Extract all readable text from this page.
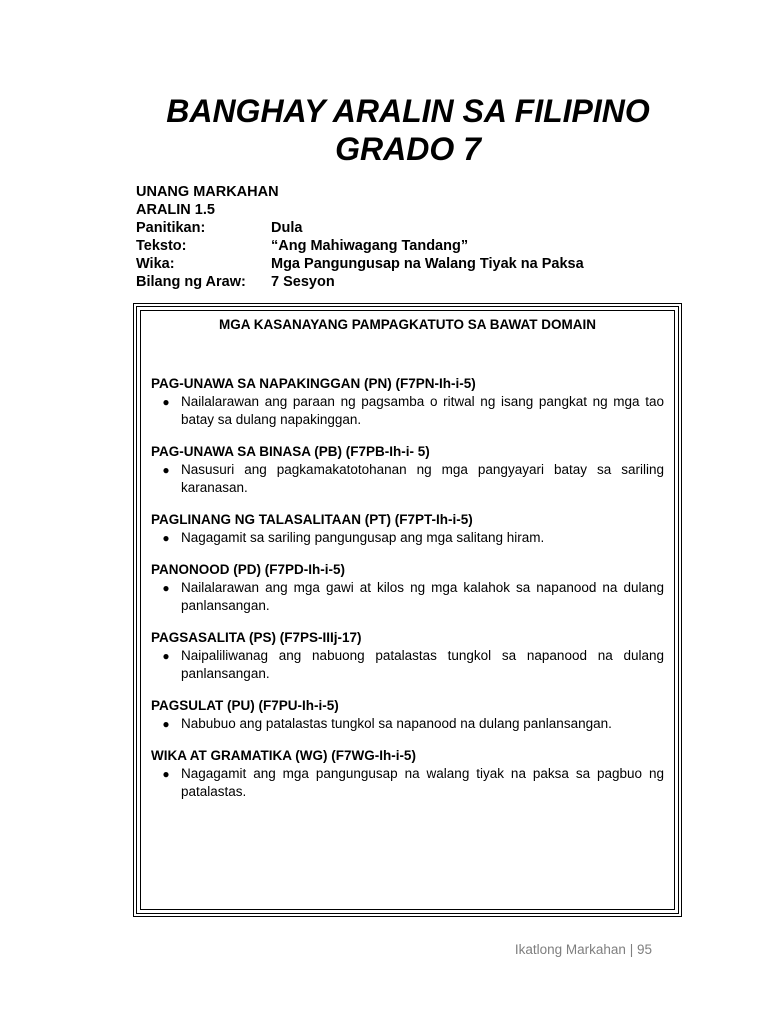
BANGHAY ARALIN SA FILIPINO
GRADO 7
UNANG MARKAHAN
ARALIN 1.5
Panitikan:	Dula
Teksto:	“Ang Mahiwagang Tandang”
Wika:	Mga Pangungusap na Walang Tiyak na Paksa
Bilang ng Araw:	7 Sesyon
MGA KASANAYANG PAMPAGKATUTO SA BAWAT DOMAIN
PAG-UNAWA SA NAPAKINGGAN (PN) (F7PN-Ih-i-5)
● Nailalarawan ang paraan ng pagsamba o ritwal ng isang pangkat ng mga tao batay sa dulang napakinggan.
PAG-UNAWA SA BINASA (PB) (F7PB-Ih-i- 5)
● Nasusuri ang pagkamakatotohanan ng mga pangyayari batay sa sariling karanasan.
PAGLINANG NG TALASALITAAN (PT) (F7PT-Ih-i-5)
● Nagagamit sa sariling pangungusap ang mga salitang hiram.
PANONOOD (PD) (F7PD-Ih-i-5)
● Nailalarawan ang mga gawi at kilos ng mga kalahok sa napanood na dulang panlansangan.
PAGSASALITA (PS) (F7PS-IIIj-17)
● Naipaliliwanag ang nabuong patalastas tungkol sa napanood na dulang panlansangan.
PAGSULAT (PU) (F7PU-Ih-i-5)
● Nabubuo ang patalastas tungkol sa napanood na dulang panlansangan.
WIKA AT GRAMATIKA (WG) (F7WG-Ih-i-5)
● Nagagamit ang mga pangungusap na walang tiyak na paksa sa pagbuo ng patalastas.
Ikatlong Markahan | 95
